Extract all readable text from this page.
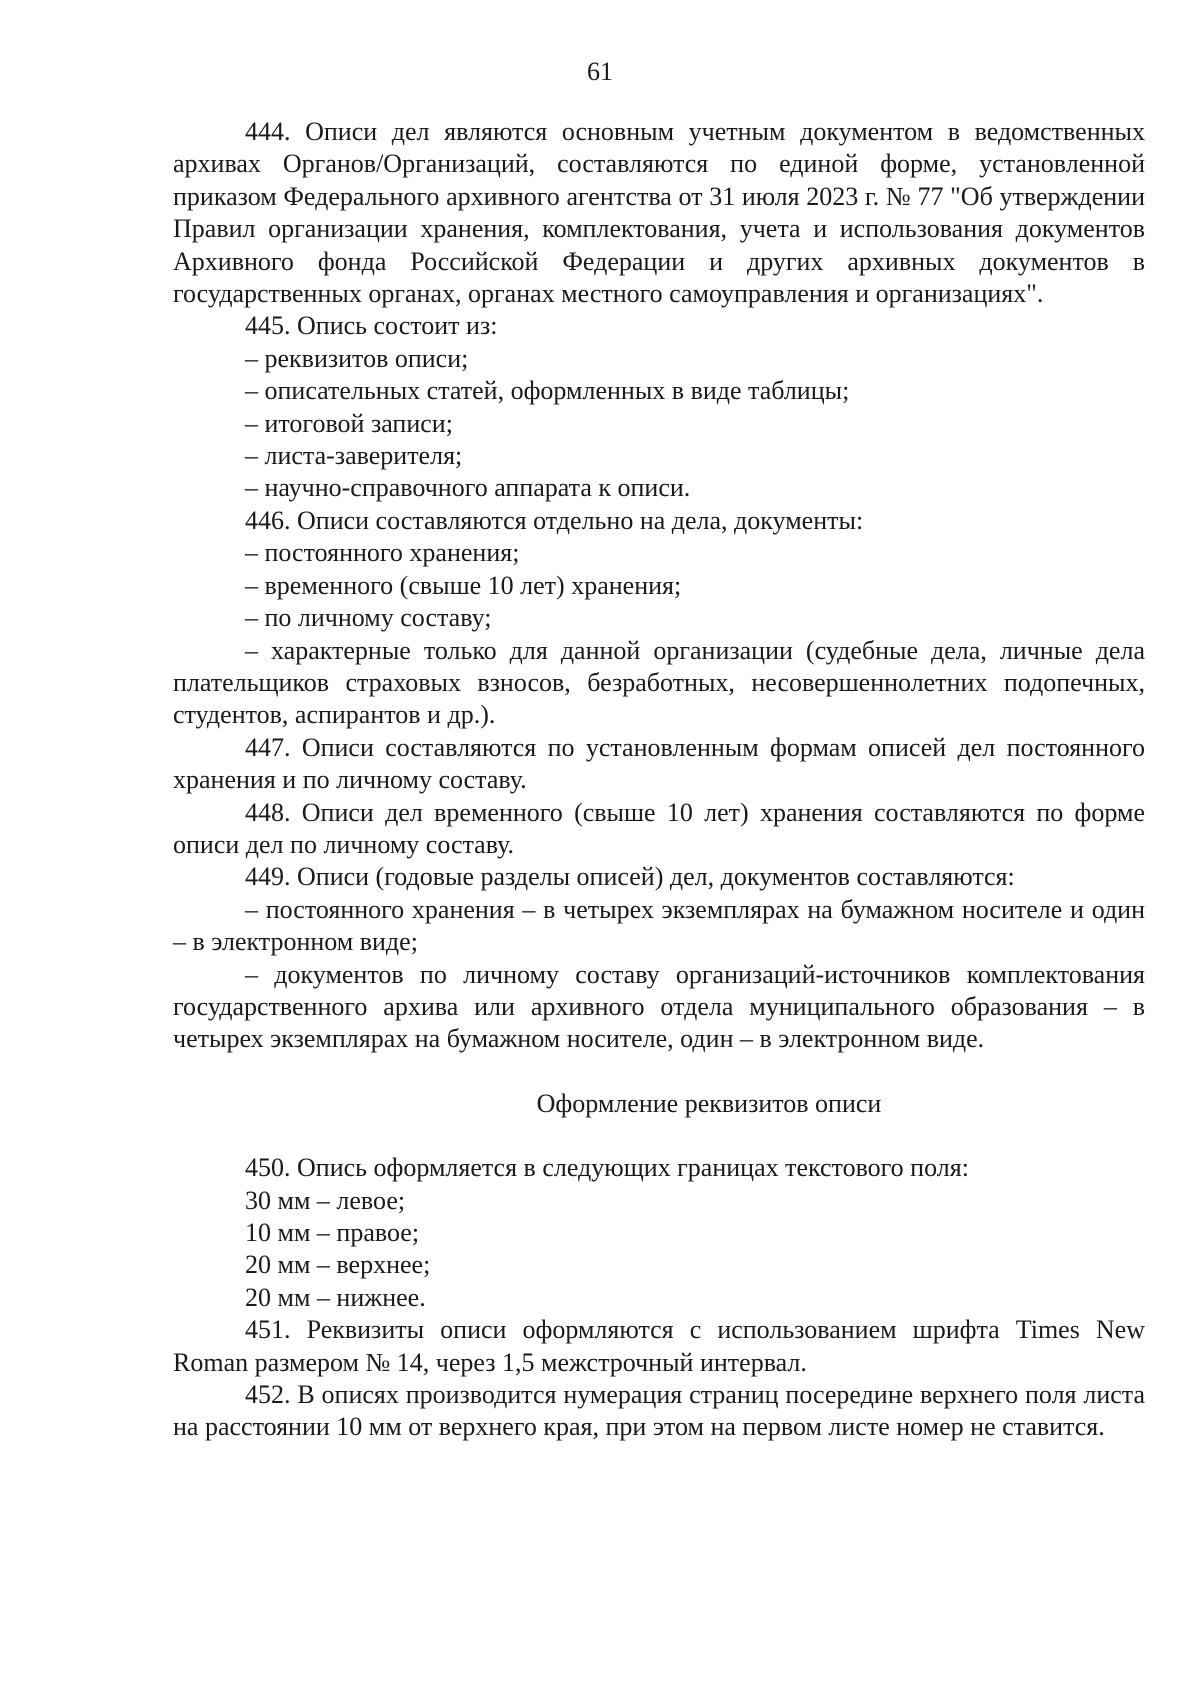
61

444. Описи дел являются основным учетным документом в ведомственных архивах Органов/Организаций, составляются по единой форме, установленной приказом Федерального архивного агентства от 31 июля 2023 г. № 77 "Об утверждении Правил организации хранения, комплектования, учета и использования документов Архивного фонда Российской Федерации и других архивных документов в государственных органах, органах местного самоуправления и организациях".

445. Опись состоит из:

– реквизитов описи;

– описательных статей, оформленных в виде таблицы;

– итоговой записи;

– листа-заверителя;

– научно-справочного аппарата к описи.

446. Описи составляются отдельно на дела, документы:

– постоянного хранения;

– временного (свыше 10 лет) хранения;

– по личному составу;

– характерные только для данной организации (судебные дела, личные дела плательщиков страховых взносов, безработных, несовершеннолетних подопечных, студентов, аспирантов и др.).

447. Описи составляются по установленным формам описей дел постоянного хранения и по личному составу.

448. Описи дел временного (свыше 10 лет) хранения составляются по форме описи дел по личному составу.

449. Описи (годовые разделы описей) дел, документов составляются:

– постоянного хранения – в четырех экземплярах на бумажном носителе и один – в электронном виде;

– документов по личному составу организаций-источников комплектования государственного архива или архивного отдела муниципального образования – в четырех экземплярах на бумажном носителе, один – в электронном виде.

Оформление реквизитов описи

450. Опись оформляется в следующих границах текстового поля:

30 мм – левое;

10 мм – правое;

20 мм – верхнее;

20 мм – нижнее.

451. Реквизиты описи оформляются с использованием шрифта Times New Roman размером № 14, через 1,5 межстрочный интервал.

452. В описях производится нумерация страниц посередине верхнего поля листа на расстоянии 10 мм от верхнего края, при этом на первом листе номер не ставится.
